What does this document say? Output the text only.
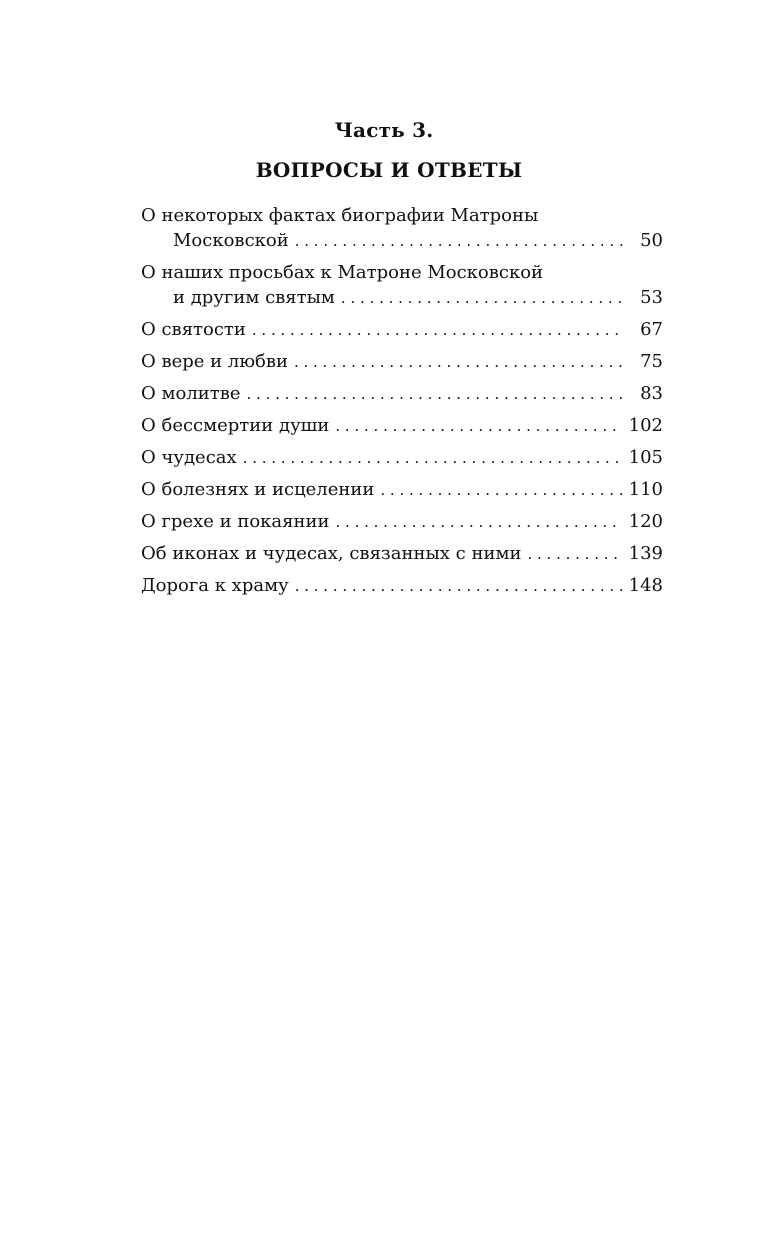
Часть 3.
ВОПРОСЫ И ОТВЕТЫ
О некоторых фактах биографии Матроны
Московской . . .	50
О наших просьбах к Матроне Московской
и другим святым . . .	53
О святости . . .	67
О вере и любви . . .	75
О молитве . . .	83
О бессмертии души . . .	102
О чудесах . . .	105
О болезнях и исцелении . . .	110
О грехе и покаянии . . .	120
Об иконах и чудесах, связанных с ними . . .	139
Дорога к храму . . .	148
